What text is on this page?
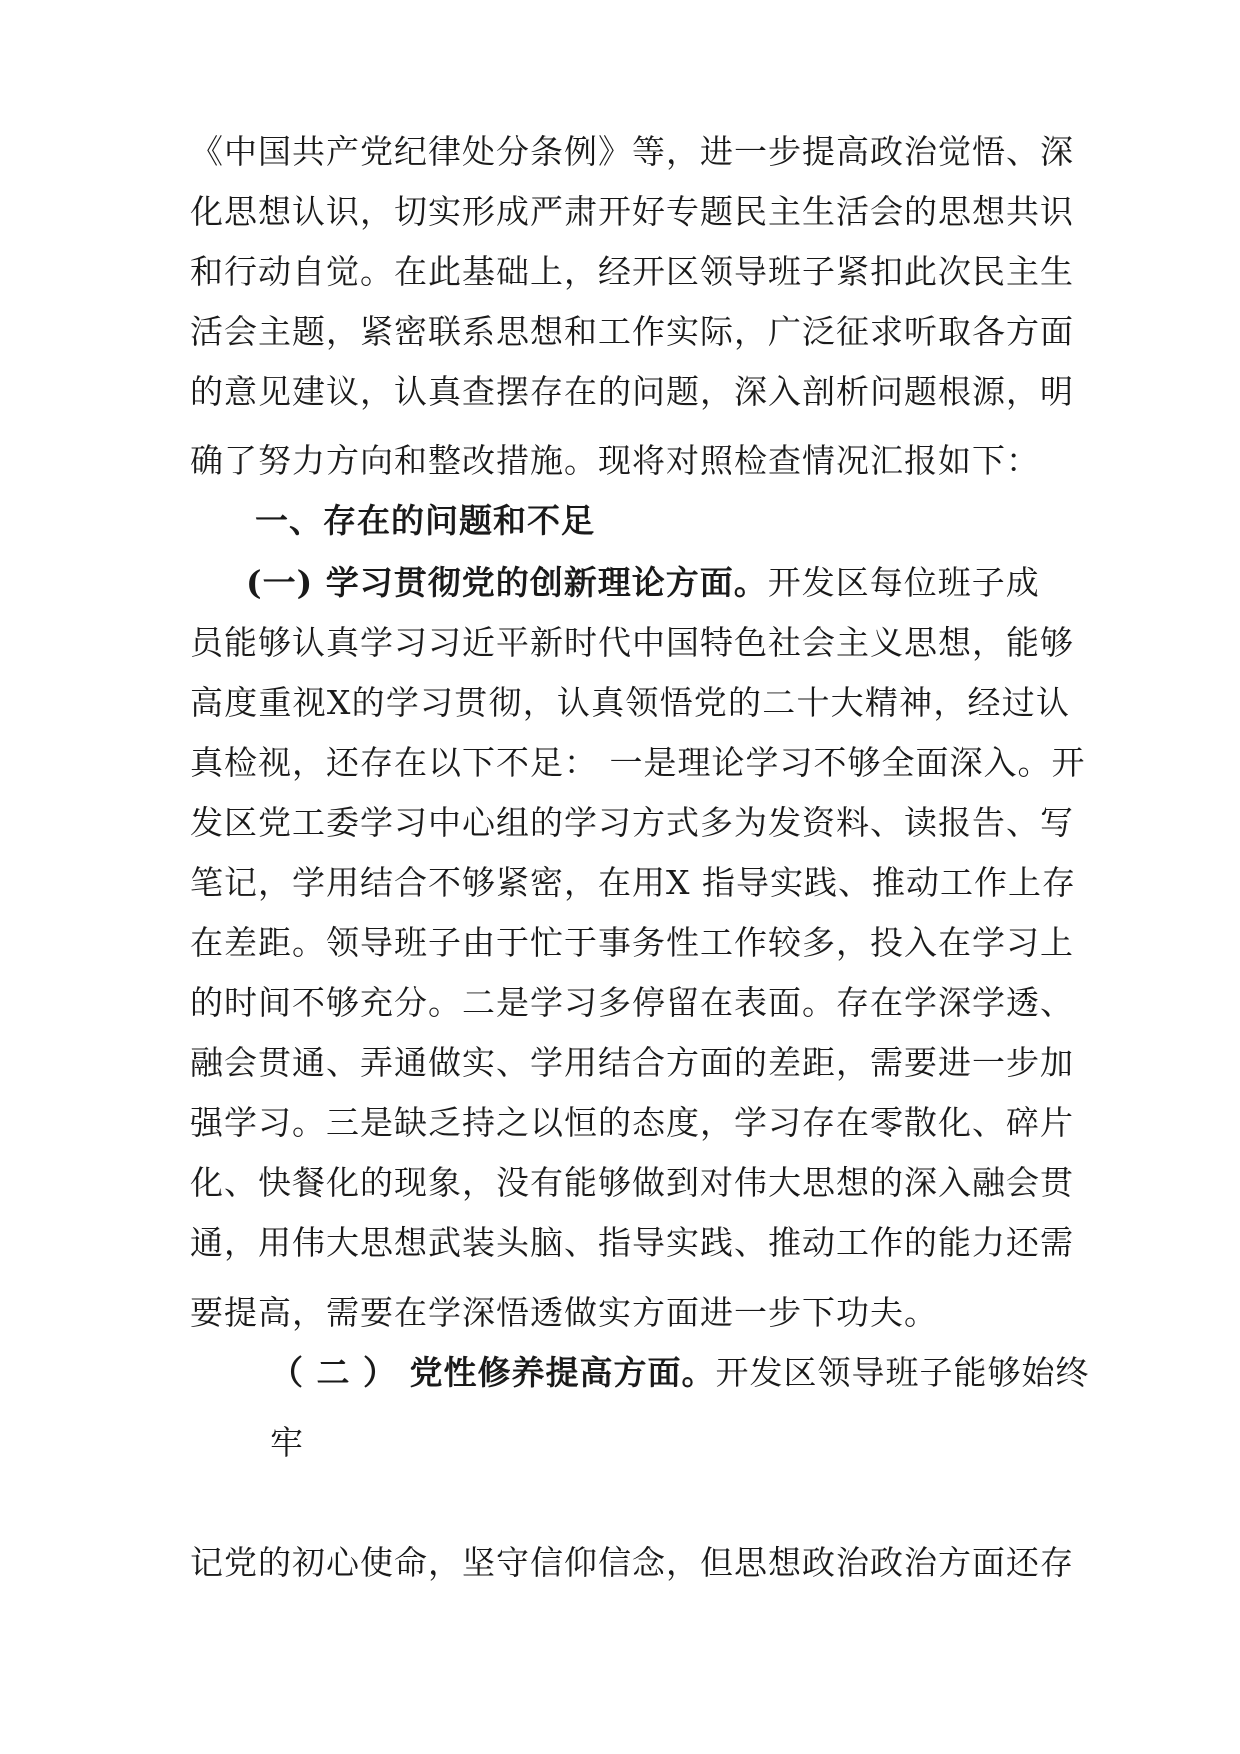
《中国共产党纪律处分条例》等，进一步提高政治觉悟、深
化思想认识，切实形成严肃开好专题民主生活会的思想共识
和行动自觉。在此基础上，经开区领导班子紧扣此次民主生
活会主题，紧密联系思想和工作实际，广泛征求听取各方面
的意见建议，认真查摆存在的问题，深入剖析问题根源，明
确了努力方向和整改措施。现将对照检查情况汇报如下：
一、存在的问题和不足
(一) 学习贯彻党的创新理论方面。开发区每位班子成
员能够认真学习习近平新时代中国特色社会主义思想，能够
高度重视X的学习贯彻，认真领悟党的二十大精神，经过认
真检视，还存在以下不足： 一是理论学习不够全面深入。开
发区党工委学习中心组的学习方式多为发资料、读报告、写
笔记，学用结合不够紧密，在用X 指导实践、推动工作上存
在差距。领导班子由于忙于事务性工作较多，投入在学习上
的时间不够充分。二是学习多停留在表面。存在学深学透、
融会贯通、弄通做实、学用结合方面的差距，需要进一步加
强学习。三是缺乏持之以恒的态度，学习存在零散化、碎片
化、快餐化的现象，没有能够做到对伟大思想的深入融会贯
通，用伟大思想武装头脑、指导实践、推动工作的能力还需
要提高，需要在学深悟透做实方面进一步下功夫。
（ 二 ） 党性修养提高方面。开发区领导班子能够始终
牢
记党的初心使命，坚守信仰信念，但思想政治政治方面还存
